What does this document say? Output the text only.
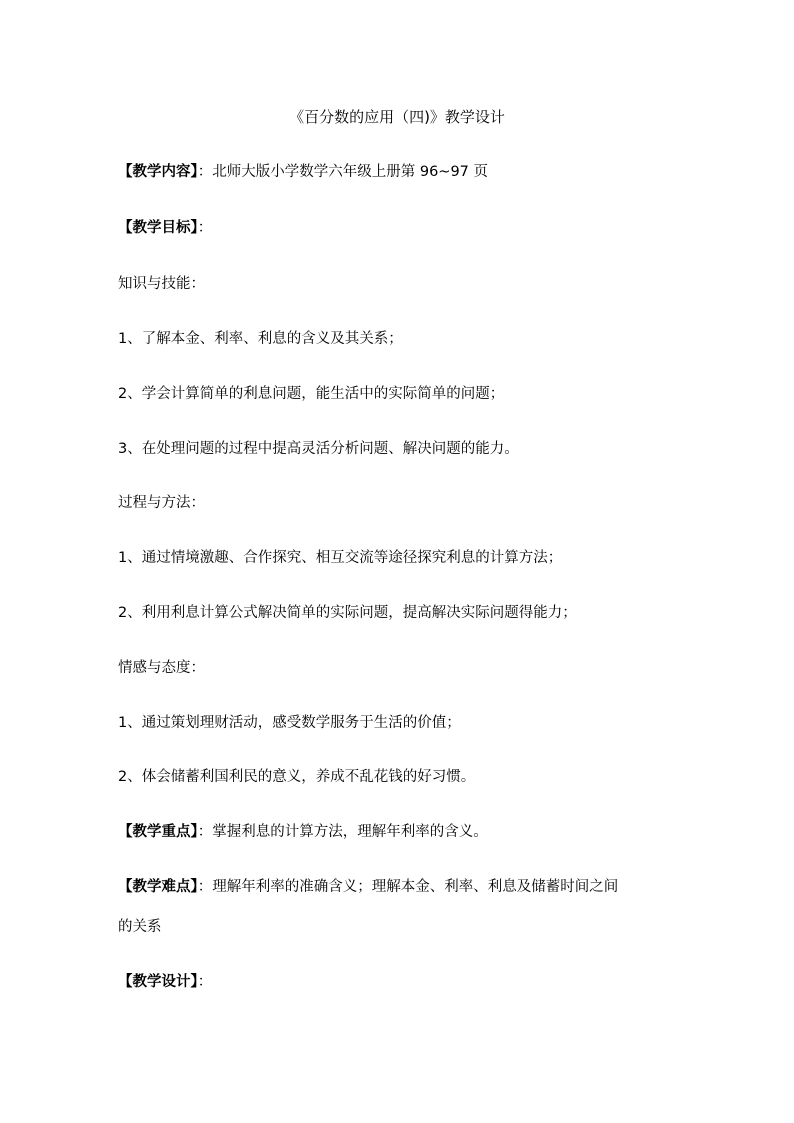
《百分数的应用（四)》教学设计
【教学内容】：北师大版小学数学六年级上册第 96~97 页
【教学目标】：
知识与技能：
1、了解本金、利率、利息的含义及其关系；
2、学会计算简单的利息问题，能生活中的实际简单的问题；
3、在处理问题的过程中提高灵活分析问题、解决问题的能力。
过程与方法：
1、通过情境激趣、合作探究、相互交流等途径探究利息的计算方法；
2、利用利息计算公式解决简单的实际问题，提高解决实际问题得能力；
情感与态度：
1、通过策划理财活动，感受数学服务于生活的价值；
2、体会储蓄利国利民的意义，养成不乱花钱的好习惯。
【教学重点】：掌握利息的计算方法，理解年利率的含义。
【教学难点】：理解年利率的准确含义；理解本金、利率、利息及储蓄时间之间
的关系
【教学设计】：
